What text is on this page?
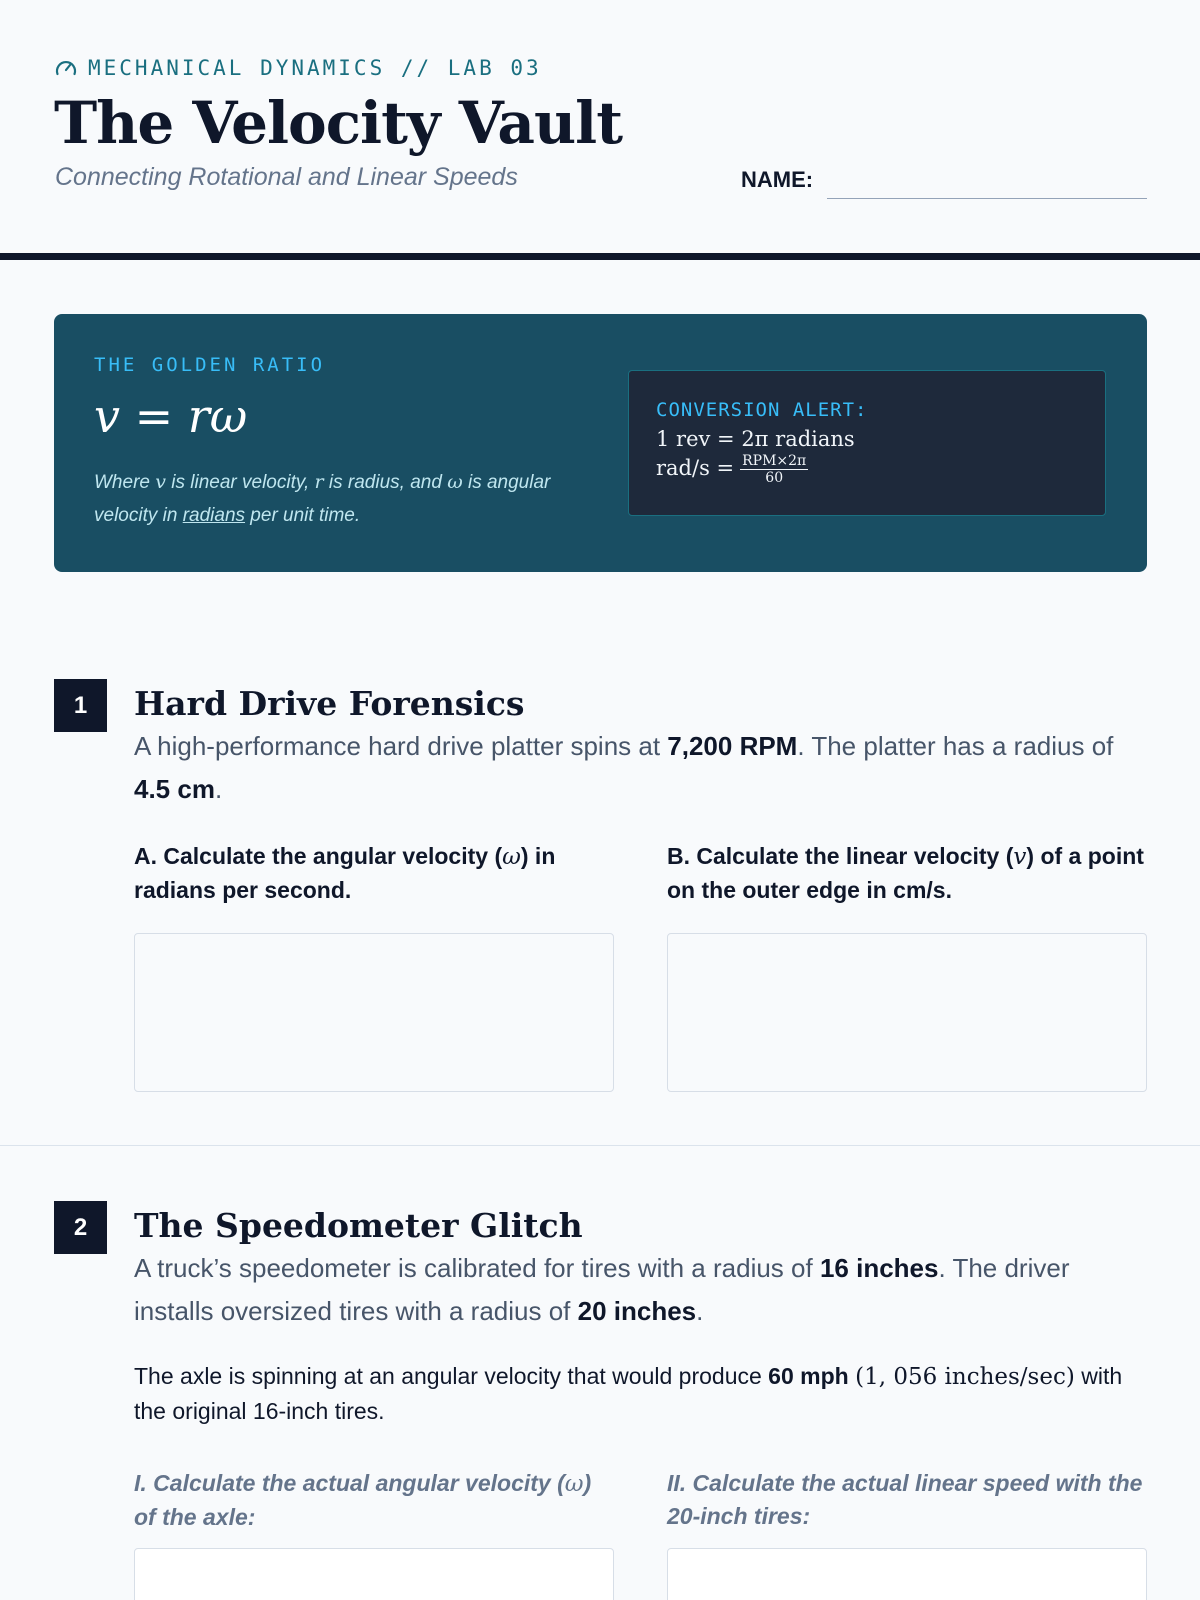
MECHANICAL DYNAMICS // LAB 03
The Velocity Vault
Connecting Rotational and Linear Speeds	NAME:
THE GOLDEN RATIO
v = rω
Where v is linear velocity, r is radius, and ω is angular velocity in radians per unit time.
CONVERSION ALERT:
1 rev = 2π radians
$rad/s = \frac{\text{RPM×2π}}{60}$
1	Hard Drive Forensics
A high-performance hard drive platter spins at 7,200 RPM. The platter has a radius of 4.5 cm.
A. Calculate the angular velocity (ω) in radians per second.
B. Calculate the linear velocity (v) of a point on the outer edge in cm/s.
2	The Speedometer Glitch
A truck’s speedometer is calibrated for tires with a radius of 16 inches. The driver installs oversized tires with a radius of 20 inches.
The axle is spinning at an angular velocity that would produce 60 mph (1, 056 inches/sec) with the original 16-inch tires.
I. Calculate the actual angular velocity (ω) of the axle:
II. Calculate the actual linear speed with the 20-inch tires:
